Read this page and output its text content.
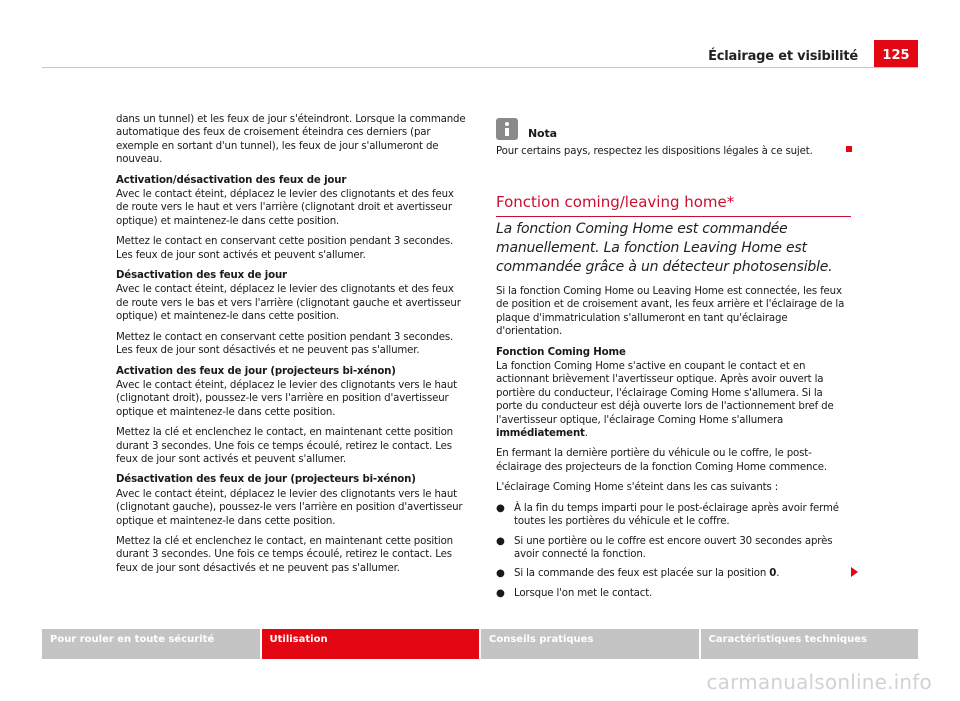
Éclairage et visibilité	125

dans un tunnel) et les feux de jour s'éteindront. Lorsque la commande automatique des feux de croisement éteindra ces derniers (par exemple en sortant d'un tunnel), les feux de jour s'allumeront de nouveau.

Activation/désactivation des feux de jour

Avec le contact éteint, déplacez le levier des clignotants et des feux de route vers le haut et vers l'arrière (clignotant droit et avertisseur optique) et maintenez-le dans cette position.

Mettez le contact en conservant cette position pendant 3 secondes. Les feux de jour sont activés et peuvent s'allumer.

Désactivation des feux de jour

Avec le contact éteint, déplacez le levier des clignotants et des feux de route vers le bas et vers l'arrière (clignotant gauche et avertisseur optique) et maintenez-le dans cette position.

Mettez le contact en conservant cette position pendant 3 secondes. Les feux de jour sont désactivés et ne peuvent pas s'allumer.

Activation des feux de jour (projecteurs bi-xénon)

Avec le contact éteint, déplacez le levier des clignotants vers le haut (clignotant droit), poussez-le vers l'arrière en position d'avertisseur optique et maintenez-le dans cette position.

Mettez la clé et enclenchez le contact, en maintenant cette position durant 3 secondes. Une fois ce temps écoulé, retirez le contact. Les feux de jour sont activés et peuvent s'allumer.

Désactivation des feux de jour (projecteurs bi-xénon)

Avec le contact éteint, déplacez le levier des clignotants vers le haut (clignotant gauche), poussez-le vers l'arrière en position d'avertisseur optique et maintenez-le dans cette position.

Mettez la clé et enclenchez le contact, en maintenant cette position durant 3 secondes. Une fois ce temps écoulé, retirez le contact. Les feux de jour sont désactivés et ne peuvent pas s'allumer.

Nota

Pour certains pays, respectez les dispositions légales à ce sujet.

Fonction coming/leaving home*
La fonction Coming Home est commandée manuellement. La fonction Leaving Home est commandée grâce à un détecteur photosensible.

Si la fonction Coming Home ou Leaving Home est connectée, les feux de position et de croisement avant, les feux arrière et l'éclairage de la plaque d'immatriculation s'allumeront en tant qu'éclairage d'orientation.

Fonction Coming Home

La fonction Coming Home s'active en coupant le contact et en actionnant brièvement l'avertisseur optique. Après avoir ouvert la portière du conducteur, l'éclairage Coming Home s'allumera. Si la porte du conducteur est déjà ouverte lors de l'actionnement bref de l'avertisseur optique, l'éclairage Coming Home s'allumera immédiatement.

En fermant la dernière portière du véhicule ou le coffre, le post-éclairage des projecteurs de la fonction Coming Home commence.

L'éclairage Coming Home s'éteint dans les cas suivants :

● À la fin du temps imparti pour le post-éclairage après avoir fermé toutes les portières du véhicule et le coffre.
● Si une portière ou le coffre est encore ouvert 30 secondes après avoir connecté la fonction.
● Si la commande des feux est placée sur la position 0.
● Lorsque l'on met le contact.
Pour rouler en toute sécurité	Utilisation	Conseils pratiques	Caractéristiques techniques
carmanualsonline.info
